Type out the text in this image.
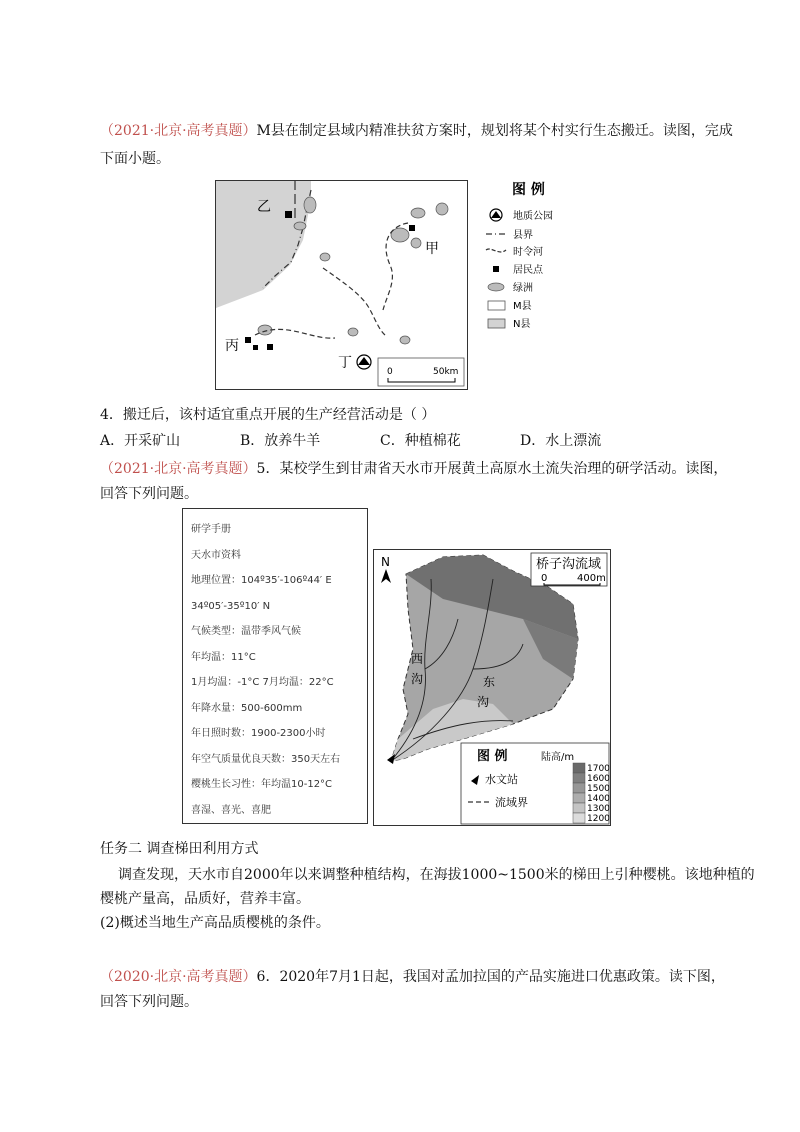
（2021·北京·高考真题）M县在制定县域内精准扶贫方案时，规划将某个村实行生态搬迁。读图，完成
下面小题。
乙
甲
丙
丁
0	50km
图 例
地质公园
县界
时令河
居民点
绿洲
M县
N县
4．搬迁后，该村适宜重点开展的生产经营活动是（ ）
A．开采矿山	B．放养牛羊	C．种植棉花	D．水上漂流
（2021·北京·高考真题）5．某校学生到甘肃省天水市开展黄土高原水土流失治理的研学活动。读图，
回答下列问题。
研学手册
天水市资料
地理位置：104º35′-106º44′ E
34º05′-35º10′ N
气候类型：温带季风气候
年均温：11°C
1月均温：-1°C 7月均温：22°C
年降水量：500-600mm
年日照时数：1900-2300小时
年空气质量优良天数：350天左右
樱桃生长习性：年均温10-12°C
喜湿、喜光、喜肥
N	桥子沟流域
0	400m
西
沟	东
沟
图 例	陆高/m
水文站
流域界
1700
1600
1500
1400
1300
1200
任务二 调查梯田利用方式
调查发现，天水市自2000年以来调整种植结构，在海拔1000~1500米的梯田上引种樱桃。该地种植的
樱桃产量高，品质好，营养丰富。
(2)概述当地生产高品质樱桃的条件。
（2020·北京·高考真题）6．2020年7月1日起，我国对孟加拉国的产品实施进口优惠政策。读下图，
回答下列问题。
